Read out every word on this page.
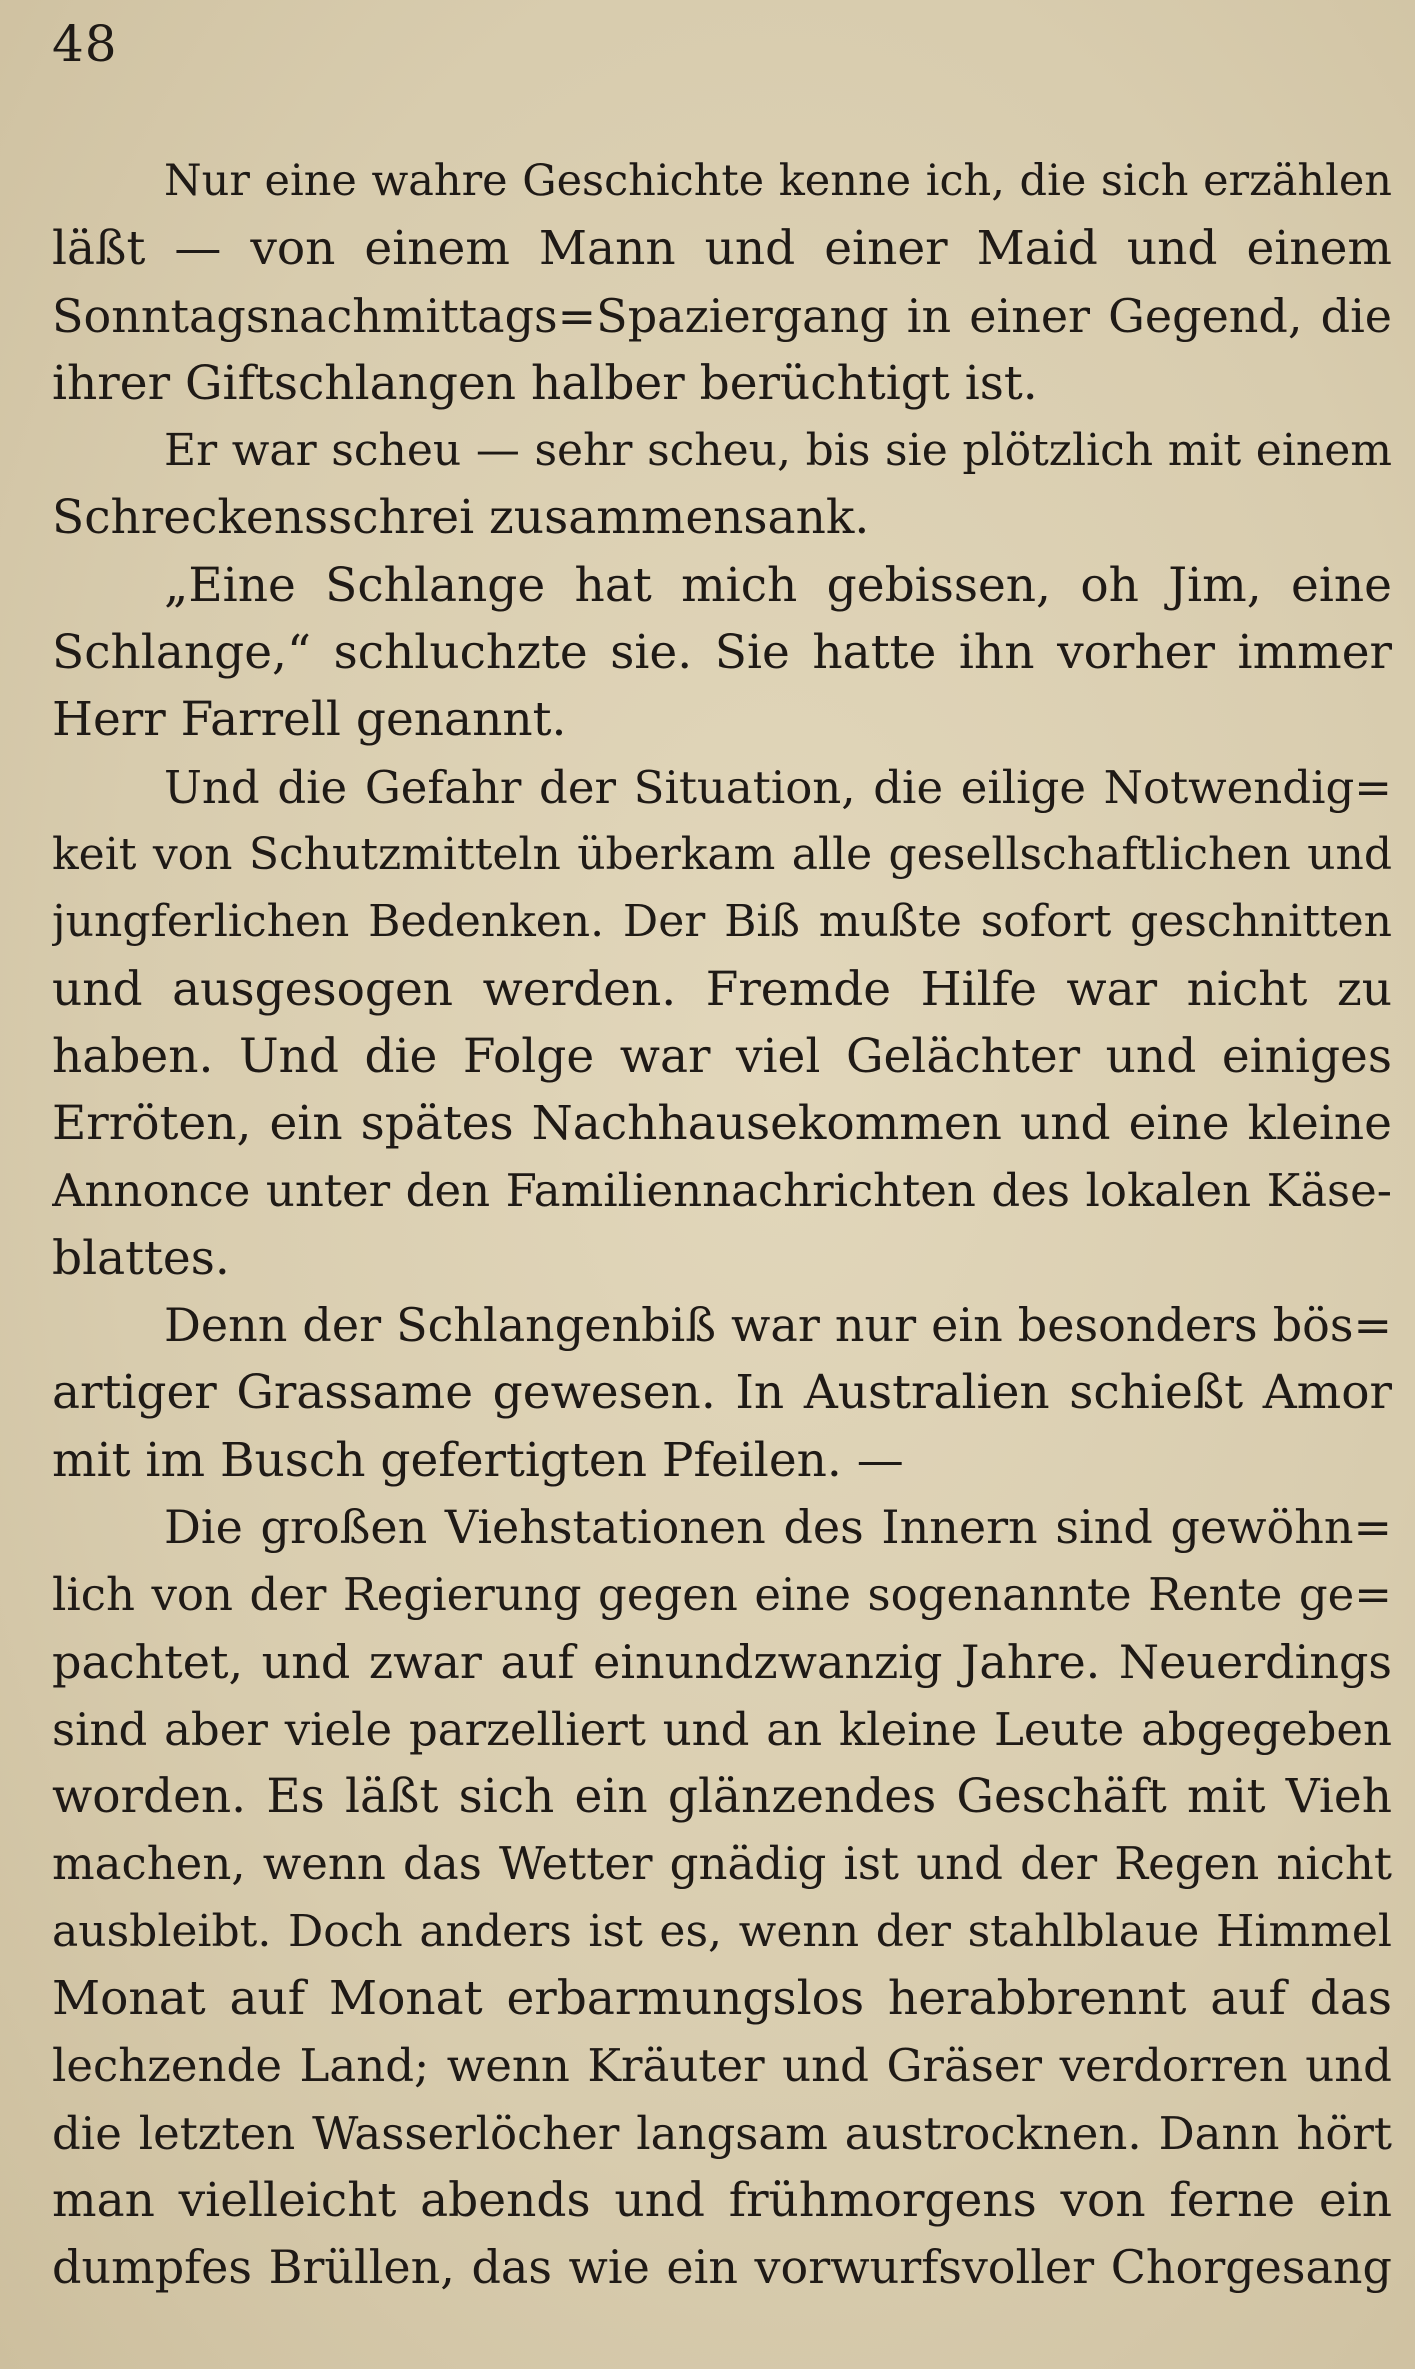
48
Nur eine wahre Geschichte kenne ich, die sich erzählen
läßt — von einem Mann und einer Maid und einem
Sonntagsnachmittags=Spaziergang in einer Gegend, die
ihrer Giftschlangen halber berüchtigt ist.
Er war scheu — sehr scheu, bis sie plötzlich mit einem
Schreckensschrei zusammensank.
„Eine Schlange hat mich gebissen, oh Jim, eine
Schlange,“ schluchzte sie. Sie hatte ihn vorher immer
Herr Farrell genannt.
Und die Gefahr der Situation, die eilige Notwendig=
keit von Schutzmitteln überkam alle gesellschaftlichen und
jungferlichen Bedenken. Der Biß mußte sofort geschnitten
und ausgesogen werden. Fremde Hilfe war nicht zu
haben. Und die Folge war viel Gelächter und einiges
Erröten, ein spätes Nachhausekommen und eine kleine
Annonce unter den Familiennachrichten des lokalen Käse-
blattes.
Denn der Schlangenbiß war nur ein besonders bös=
artiger Grassame gewesen. In Australien schießt Amor
mit im Busch gefertigten Pfeilen. —
Die großen Viehstationen des Innern sind gewöhn=
lich von der Regierung gegen eine sogenannte Rente ge=
pachtet, und zwar auf einundzwanzig Jahre. Neuerdings
sind aber viele parzelliert und an kleine Leute abgegeben
worden. Es läßt sich ein glänzendes Geschäft mit Vieh
machen, wenn das Wetter gnädig ist und der Regen nicht
ausbleibt. Doch anders ist es, wenn der stahlblaue Himmel
Monat auf Monat erbarmungslos herabbrennt auf das
lechzende Land; wenn Kräuter und Gräser verdorren und
die letzten Wasserlöcher langsam austrocknen. Dann hört
man vielleicht abends und frühmorgens von ferne ein
dumpfes Brüllen, das wie ein vorwurfsvoller Chorgesang
